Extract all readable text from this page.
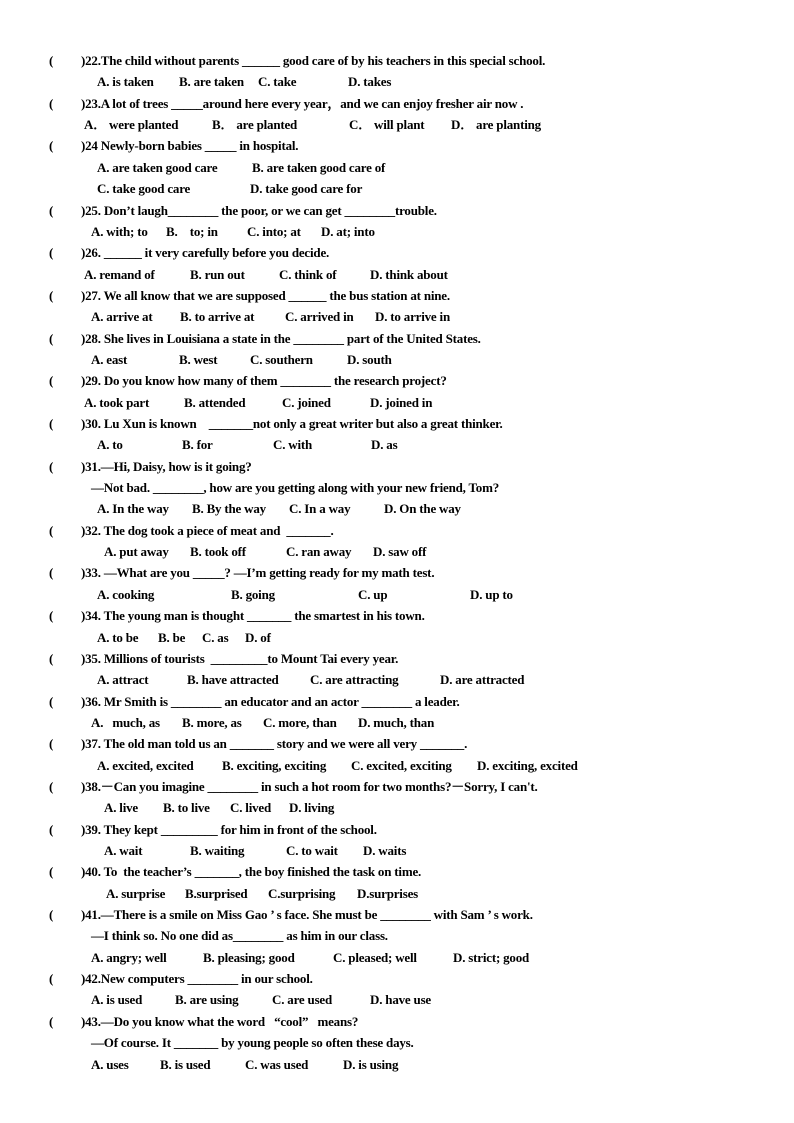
( )22.The child without parents ______ good care of by his teachers in this special school.
A. is taken B. are taken C. take	D. takes
( )23.A lot of trees _____around here every year，and we can enjoy fresher air now .
A． were planted	B． are planted	C． will plant D． are planting
( )24 Newly-born babies _____ in hospital.
A. are taken good care	B. are taken good care of
C. take good care	D. take good care for
( )25. Don’t laugh________ the poor, or we can get ________trouble.
A. with; to B.    to; in C. into; at D. at; into
( )26. ______ it very carefully before you decide.
A. remand of	B. run out	C. think of	D. think about
( )27. We all know that we are supposed ______ the bus station at nine.
A. arrive at B. to arrive at C. arrived in D. to arrive in
( )28. She lives in Louisiana a state in the ________ part of the United States.
A. east	B. west	C. southern	D. south
( )29. Do you know how many of them ________ the research project?
A. took part	B. attended	C. joined	D. joined in
( )30. Lu Xun is known    _______not only a great writer but also a great thinker.
A. to	B. for	C. with	D. as
( )31.—Hi, Daisy, how is it going?
—Not bad. ________, how are you getting along with your new friend, Tom?
A. In the way B. By the way C. In a way	D. On the way
( )32. The dog took a piece of meat and  _______.
A. put away B. took off	C. ran away D. saw off
( )33. —What are you _____? —I’m getting ready for my math test.
A. cooking	B. going	C. up	D. up to
( )34. The young man is thought _______ the smartest in his town.
A. to be B. be C. as D. of
( )35. Millions of tourists  _________to Mount Tai every year.
A. attract	B. have attracted C. are attracting	D. are attracted
( )36. Mr Smith is ________ an educator and an actor ________ a leader.
A.   much, as B. more, as C. more, than D. much, than
( )37. The old man told us an _______ story and we were all very _______.
A. excited, excited B. exciting, exciting C. excited, exciting D. exciting, excited
( )38.－Can you imagine ________ in such a hot room for two months?－Sorry, I can't.
A. live B. to live C. lived D. living
( )39. They kept _________ for him in front of the school.
A. wait	B. waiting	C. to wait D. waits
( )40. To  the teacher’s _______, the boy finished the task on time.
A. surprise B.surprised C.surprising D.surprises
( )41.—There is a smile on Miss Gao ’ s face. She must be ________ with Sam ’ s work.
—I think so. No one did as________ as him in our class.
A. angry; well	B. pleasing; good	C. pleased; well	D. strict; good
( )42.New computers ________ in our school.
A. is used	B. are using	C. are used	D. have use
( )43.—Do you know what the word   “cool”   means?
—Of course. It _______ by young people so often these days.
A. uses B. is used	C. was used	D. is using
